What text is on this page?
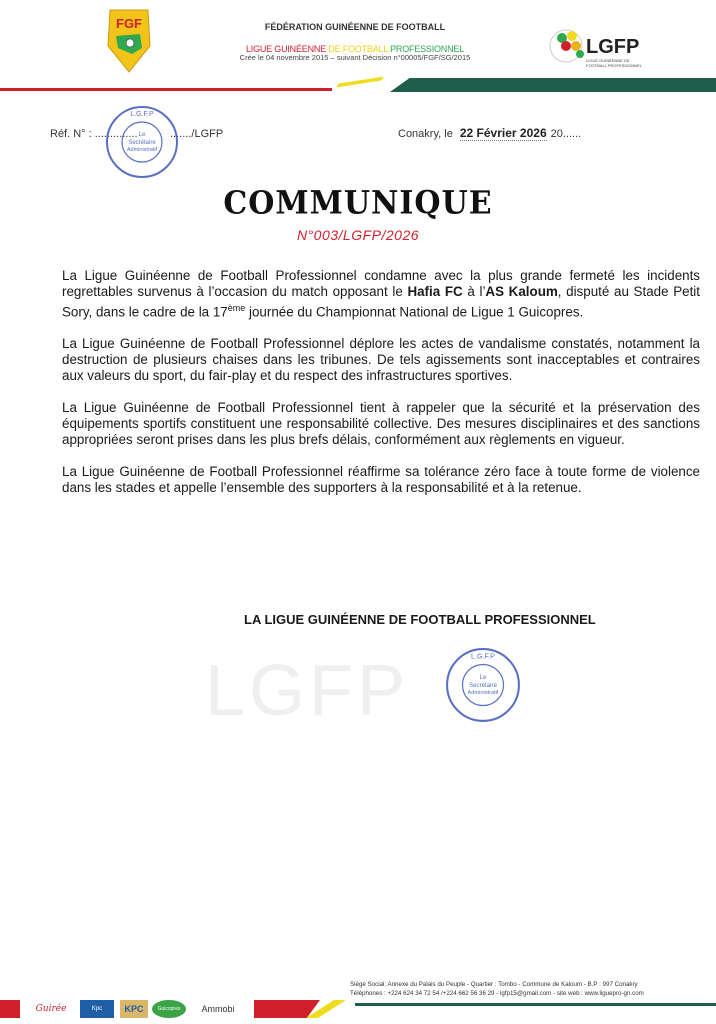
FGF	FÉDÉRATION GUINÉENNE DE FOOTBALL
LIGUE GUINÉENNE DE FOOTBALL PROFESSIONNEL
Crée le 04 novembre 2015 – suivant Décision n°00005/FGF/SG/2015	LGFP
LIGUE GUINÉENNE DE FOOTBALL PROFESSIONNEL
Réf. N° : ..............	......./LGFP
Le
Secrétaire
Administratif
L.G.F.P
Conakry, le 22 Février 2026 20......
COMMUNIQUE
N°003/LGFP/2026
LGFP

La Ligue Guinéenne de Football Professionnel condamne avec la plus grande fermeté les incidents regrettables survenus à l’occasion du match opposant le Hafia FC à l’AS Kaloum, disputé au Stade Petit Sory, dans le cadre de la 17ème journée du Championnat National de Ligue 1 Guicopres.

La Ligue Guinéenne de Football Professionnel déplore les actes de vandalisme constatés, notamment la destruction de plusieurs chaises dans les tribunes. De tels agissements sont inacceptables et contraires aux valeurs du sport, du fair-play et du respect des infrastructures sportives.

La Ligue Guinéenne de Football Professionnel tient à rappeler que la sécurité et la préservation des équipements sportifs constituent une responsabilité collective. Des mesures disciplinaires et des sanctions appropriées seront prises dans les plus brefs délais, conformément aux règlements en vigueur.

La Ligue Guinéenne de Football Professionnel réaffirme sa tolérance zéro face à toute forme de violence dans les stades et appelle l’ensemble des supporters à la responsabilité et à la retenue.

LA LIGUE GUINÉENNE DE FOOTBALL PROFESSIONNEL
Le
Secrétaire
Administratif
L.G.F.P
Siège Social: Annexe du Palais du Peuple - Quartier : Tombo - Commune de Kaloum - B.P : 997 Conakry
Téléphones : +224 624 34 72 54 /+224 662 56 36 29 - lgfp15@gmail.com - site web : www.liguepro-gn.com
Guirée	Kpc	KPC	Guicopres	Ammobi
